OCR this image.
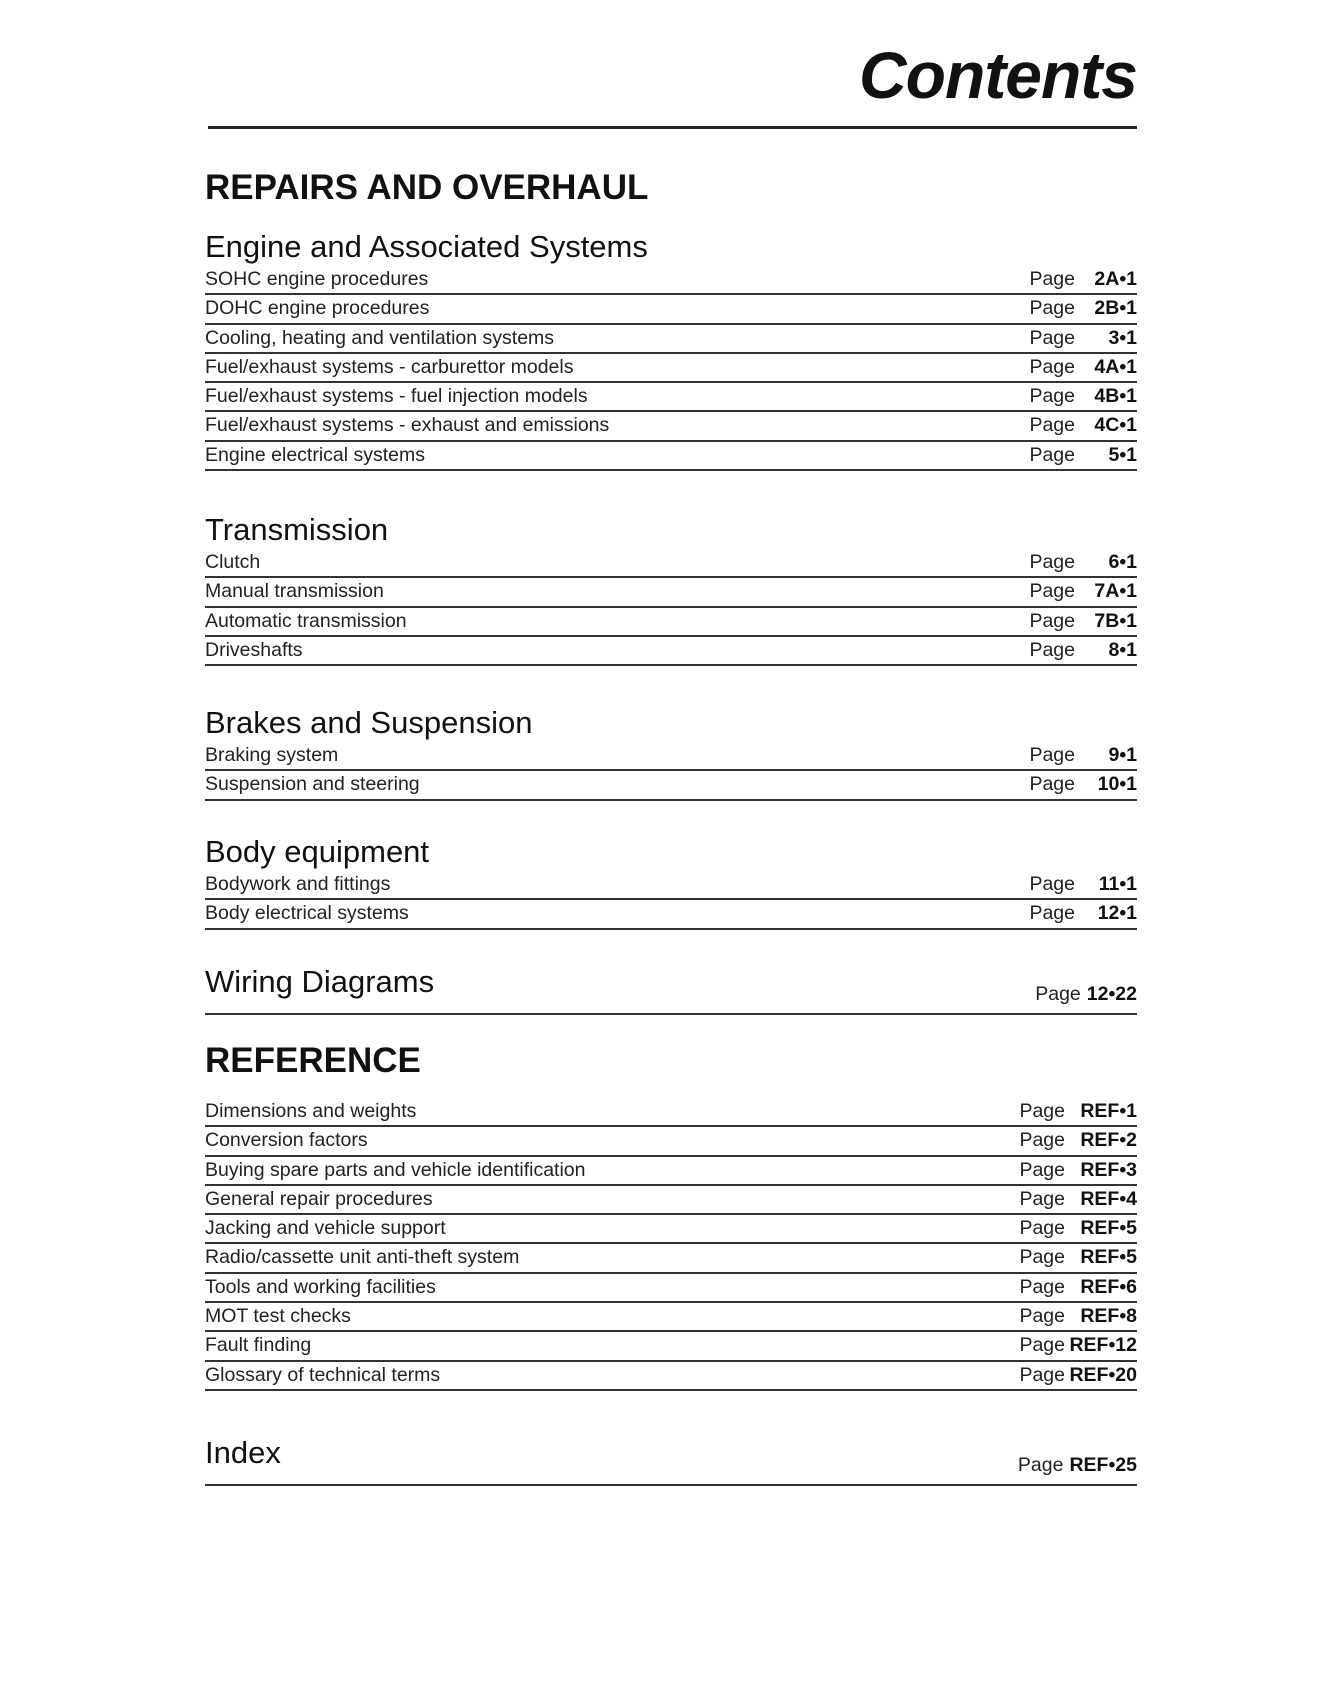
Contents
REPAIRS AND OVERHAUL
Engine and Associated Systems
SOHC engine procedures	Page 2A•1
DOHC engine procedures	Page 2B•1
Cooling, heating and ventilation systems	Page 3•1
Fuel/exhaust systems - carburettor models	Page 4A•1
Fuel/exhaust systems - fuel injection models	Page 4B•1
Fuel/exhaust systems - exhaust and emissions	Page 4C•1
Engine electrical systems	Page 5•1
Transmission
Clutch	Page 6•1
Manual transmission	Page 7A•1
Automatic transmission	Page 7B•1
Driveshafts	Page 8•1
Brakes and Suspension
Braking system	Page 9•1
Suspension and steering	Page 10•1
Body equipment
Bodywork and fittings	Page 11•1
Body electrical systems	Page 12•1
Wiring Diagrams	Page 12•22
REFERENCE
Dimensions and weights	Page REF•1
Conversion factors	Page REF•2
Buying spare parts and vehicle identification	Page REF•3
General repair procedures	Page REF•4
Jacking and vehicle support	Page REF•5
Radio/cassette unit anti-theft system	Page REF•5
Tools and working facilities	Page REF•6
MOT test checks	Page REF•8
Fault finding	Page REF•12
Glossary of technical terms	Page REF•20
Index	Page REF•25
